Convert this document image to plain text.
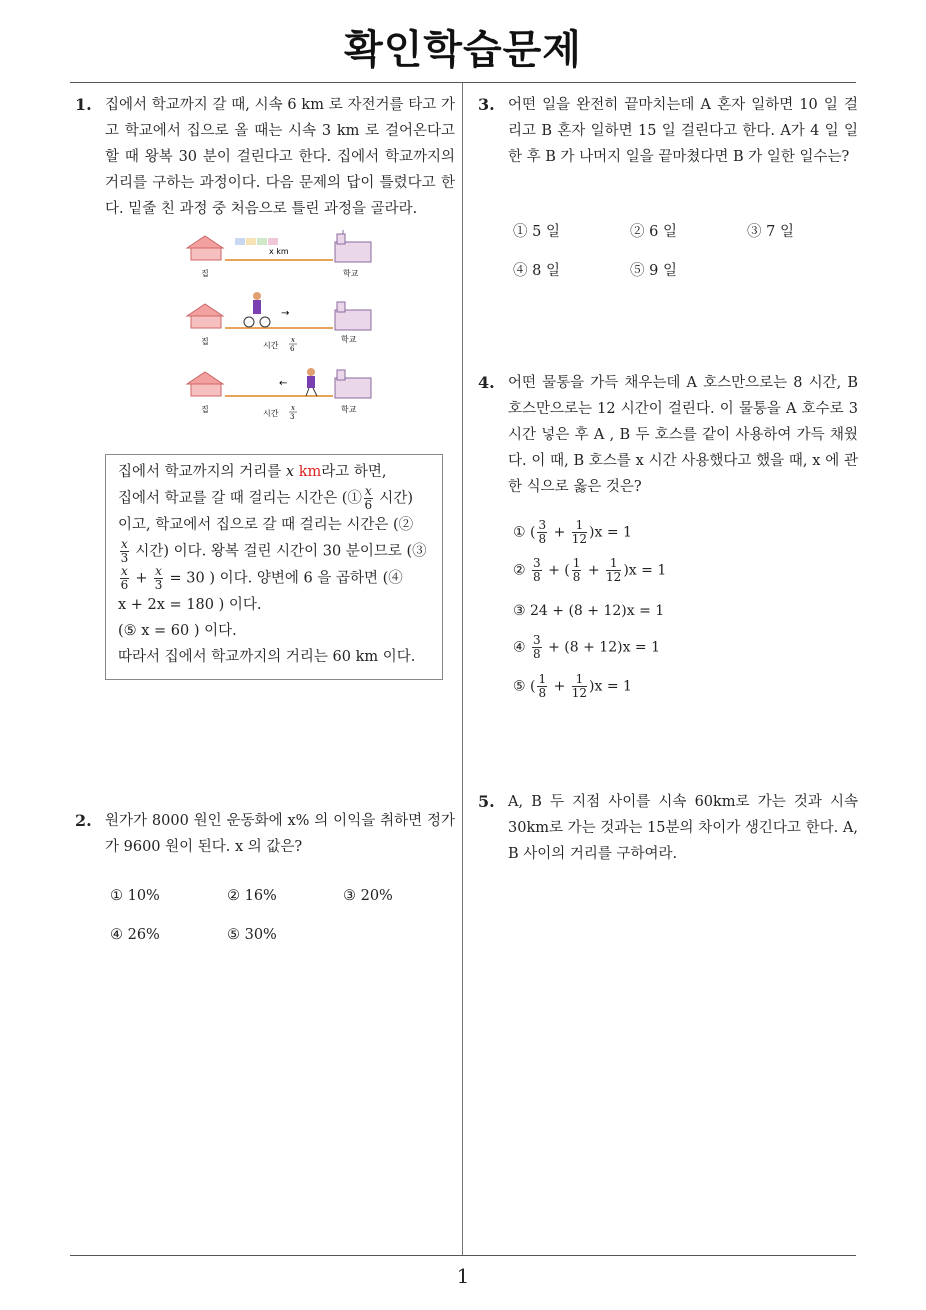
확인학습문제
1. 집에서 학교까지 갈 때, 시속 6 km 로 자전거를 타고 가고 학교에서 집으로 올 때는 시속 3 km 로 걸어온다고 할 때 왕복 30 분이 걸린다고 한다. 집에서 학교까지의 거리를 구하는 과정이다. 다음 문제의 답이 틀렸다고 한다. 밑줄 친 과정 중 처음으로 틀린 과정을 골라라.
x km
집	학교
→
집	시간
x
6
학교
←
집	시간
x
3
학교
집에서 학교까지의 거리를 x km라고 하면,
집에서 학교를 갈 때 걸리는 시간은 (① $\frac{x}{6}$ 시간)
이고, 학교에서 집으로 갈 때 걸리는 시간은 (②
$\frac{x}{3}$ 시간) 이다. 왕복 걸린 시간이 30 분이므로 (③
$\frac{x}{6} + \frac{x}{3} = 30$ ) 이다. 양변에 6 을 곱하면 (④
x + 2x = 180 ) 이다.
(⑤ x = 60 ) 이다.
따라서 집에서 학교까지의 거리는 60 km 이다.
2. 원가가 8000 원인 운동화에 x% 의 이익을 취하면 정가가 9600 원이 된다. x 의 값은?
① 10%	② 16%	③ 20%
④ 26%	⑤ 30%
3. 어떤 일을 완전히 끝마치는데 A 혼자 일하면 10 일 걸리고 B 혼자 일하면 15 일 걸린다고 한다. A가 4 일 일한 후 B 가 나머지 일을 끝마쳤다면 B 가 일한 일수는?
① 5 일	② 6 일	③ 7 일
④ 8 일	⑤ 9 일
4. 어떤 물통을 가득 채우는데 A 호스만으로는 8 시간, B 호스만으로는 12 시간이 걸린다. 이 물통을 A 호수로 3 시간 넣은 후 A , B 두 호스를 같이 사용하여 가득 채웠다. 이 때, B 호스를 x 시간 사용했다고 했을 때, x 에 관한 식으로 옳은 것은?
① ( $\frac{3}{8} + \frac{1}{12} )x = 1$
② $\frac{3}{8}$ + ( $\frac{1}{8} + \frac{1}{12} )x = 1$
③ 24 + (8 + 12)x = 1
④ $\frac{3}{8} + (8 + 12)x = 1$
⑤ ( $\frac{1}{8} + \frac{1}{12} )x = 1$
5. A, B 두 지점 사이를 시속 60km로 가는 것과 시속 30km로 가는 것과는 15분의 차이가 생긴다고 한다. A, B 사이의 거리를 구하여라.
1
